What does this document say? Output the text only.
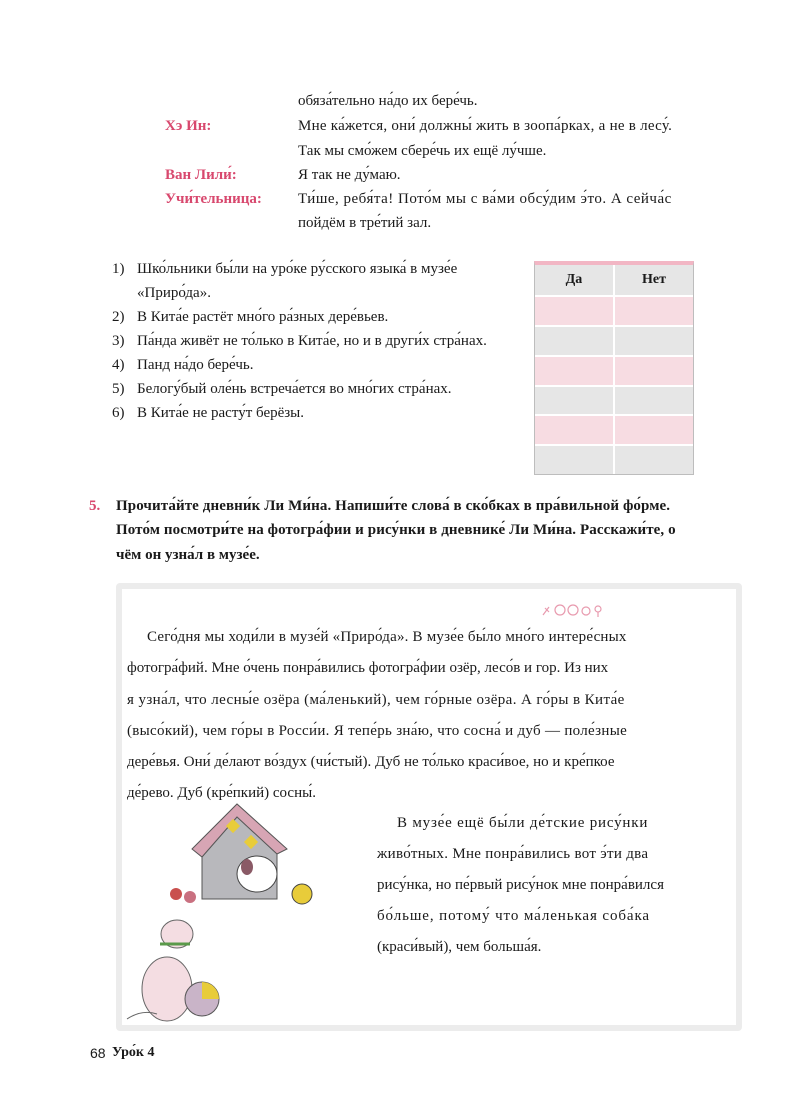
обяза́тельно на́до их бере́чь.
Хэ Ин:	Мне ка́жется, они́ должны́ жить в зоопа́рках, а не в лесу́.
Так мы смо́жем сбере́чь их ещё лу́чше.
Ван Лили́:	Я так не ду́маю.
Учи́тельница: Ти́ше, ребя́та! Пото́м мы с ва́ми обсу́дим э́то. А сейча́с
пойдём в тре́тий зал.
1) Шко́льники бы́ли на уро́ке ру́сского языка́ в музе́е
«Приро́да».
2) В Кита́е растёт мно́го ра́зных дере́вьев.
3) Па́нда живёт не то́лько в Кита́е, но и в други́х стра́нах.
4) Панд на́до бере́чь.
5) Белогу́бый оле́нь встреча́ется во мно́гих стра́нах.
6) В Кита́е не расту́т берёзы.
Да	Нет
5. Прочита́йте дневни́к Ли Ми́на. Напиши́те слова́ в ско́бках в пра́вильной фо́рме.
Пото́м посмотри́те на фотогра́фии и рису́нки в дневнике́ Ли Ми́на. Расскажи́те, о
чём он узна́л в музе́е.
Сего́дня мы ходи́ли в музе́й «Приро́да». В музе́е бы́ло мно́го интере́сных
фотогра́фий. Мне о́чень понра́вились фотогра́фии озёр, лесо́в и гор. Из них
я узна́л, что лесны́е озёра (ма́ленький), чем го́рные озёра. А го́ры в Кита́е
(высо́кий), чем го́ры в Росси́и. Я тепе́рь зна́ю, что сосна́ и дуб — поле́зные
дере́вья. Они́ де́лают во́здух (чи́стый). Дуб не то́лько краси́вое, но и кре́пкое
де́рево. Дуб (кре́пкий) сосны́.
В музе́е ещё бы́ли де́тские рису́нки
живо́тных. Мне понра́вились вот э́ти два
рису́нка, но пе́рвый рису́нок мне понра́вился
бо́льше, потому́ что ма́ленькая соба́ка
(краси́вый), чем больша́я.
68 Уро́к 4
